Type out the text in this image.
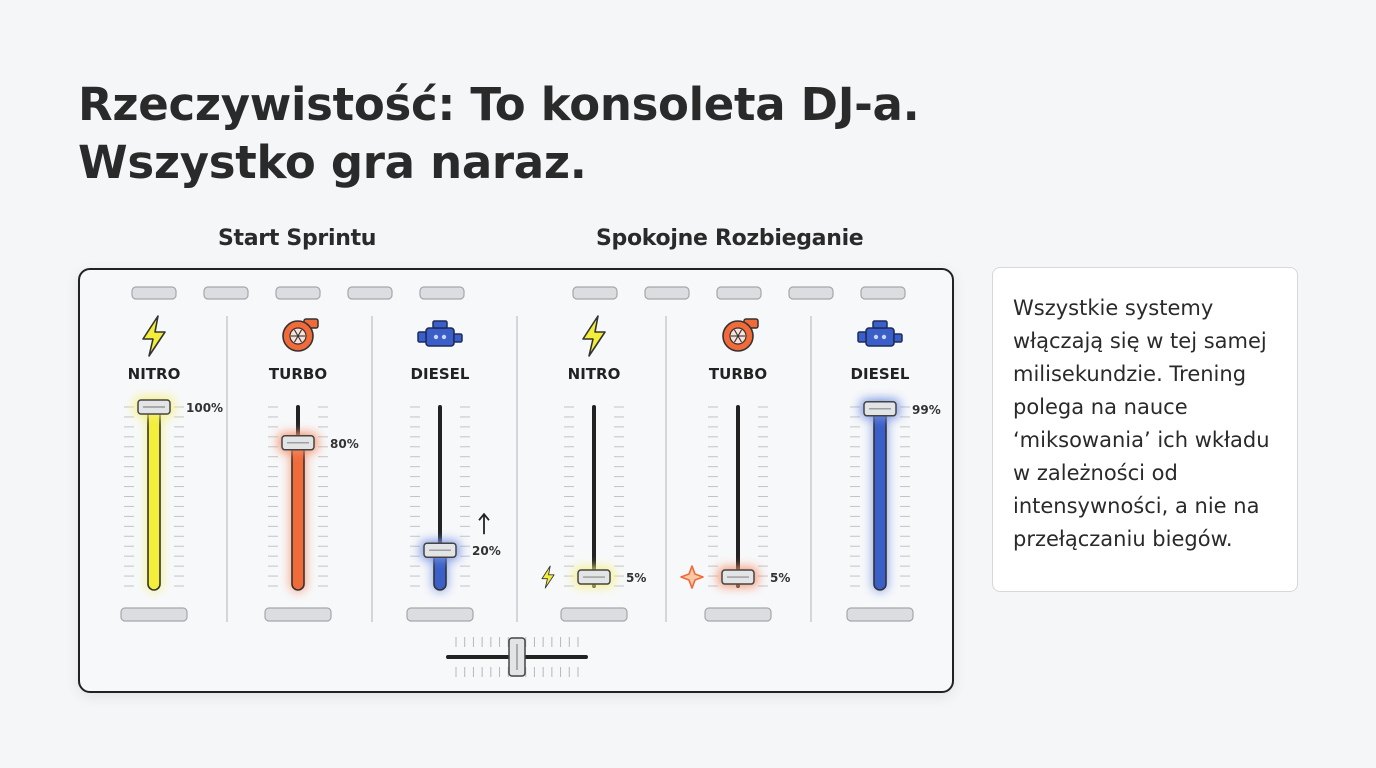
Rzeczywistość: To konsoleta DJ-a.
Wszystko gra naraz.
Start Sprintu	Spokojne Rozbieganie
NITRO
100%
TURBO
80%
DIESEL
20%
NITRO
5%
TURBO
5%
DIESEL
99%

Wszystkie systemy włączają się w tej samej milisekundzie. Trening polega na nauce ‘miksowania’ ich wkładu w zależności od intensywności, a nie na przełączaniu biegów.
